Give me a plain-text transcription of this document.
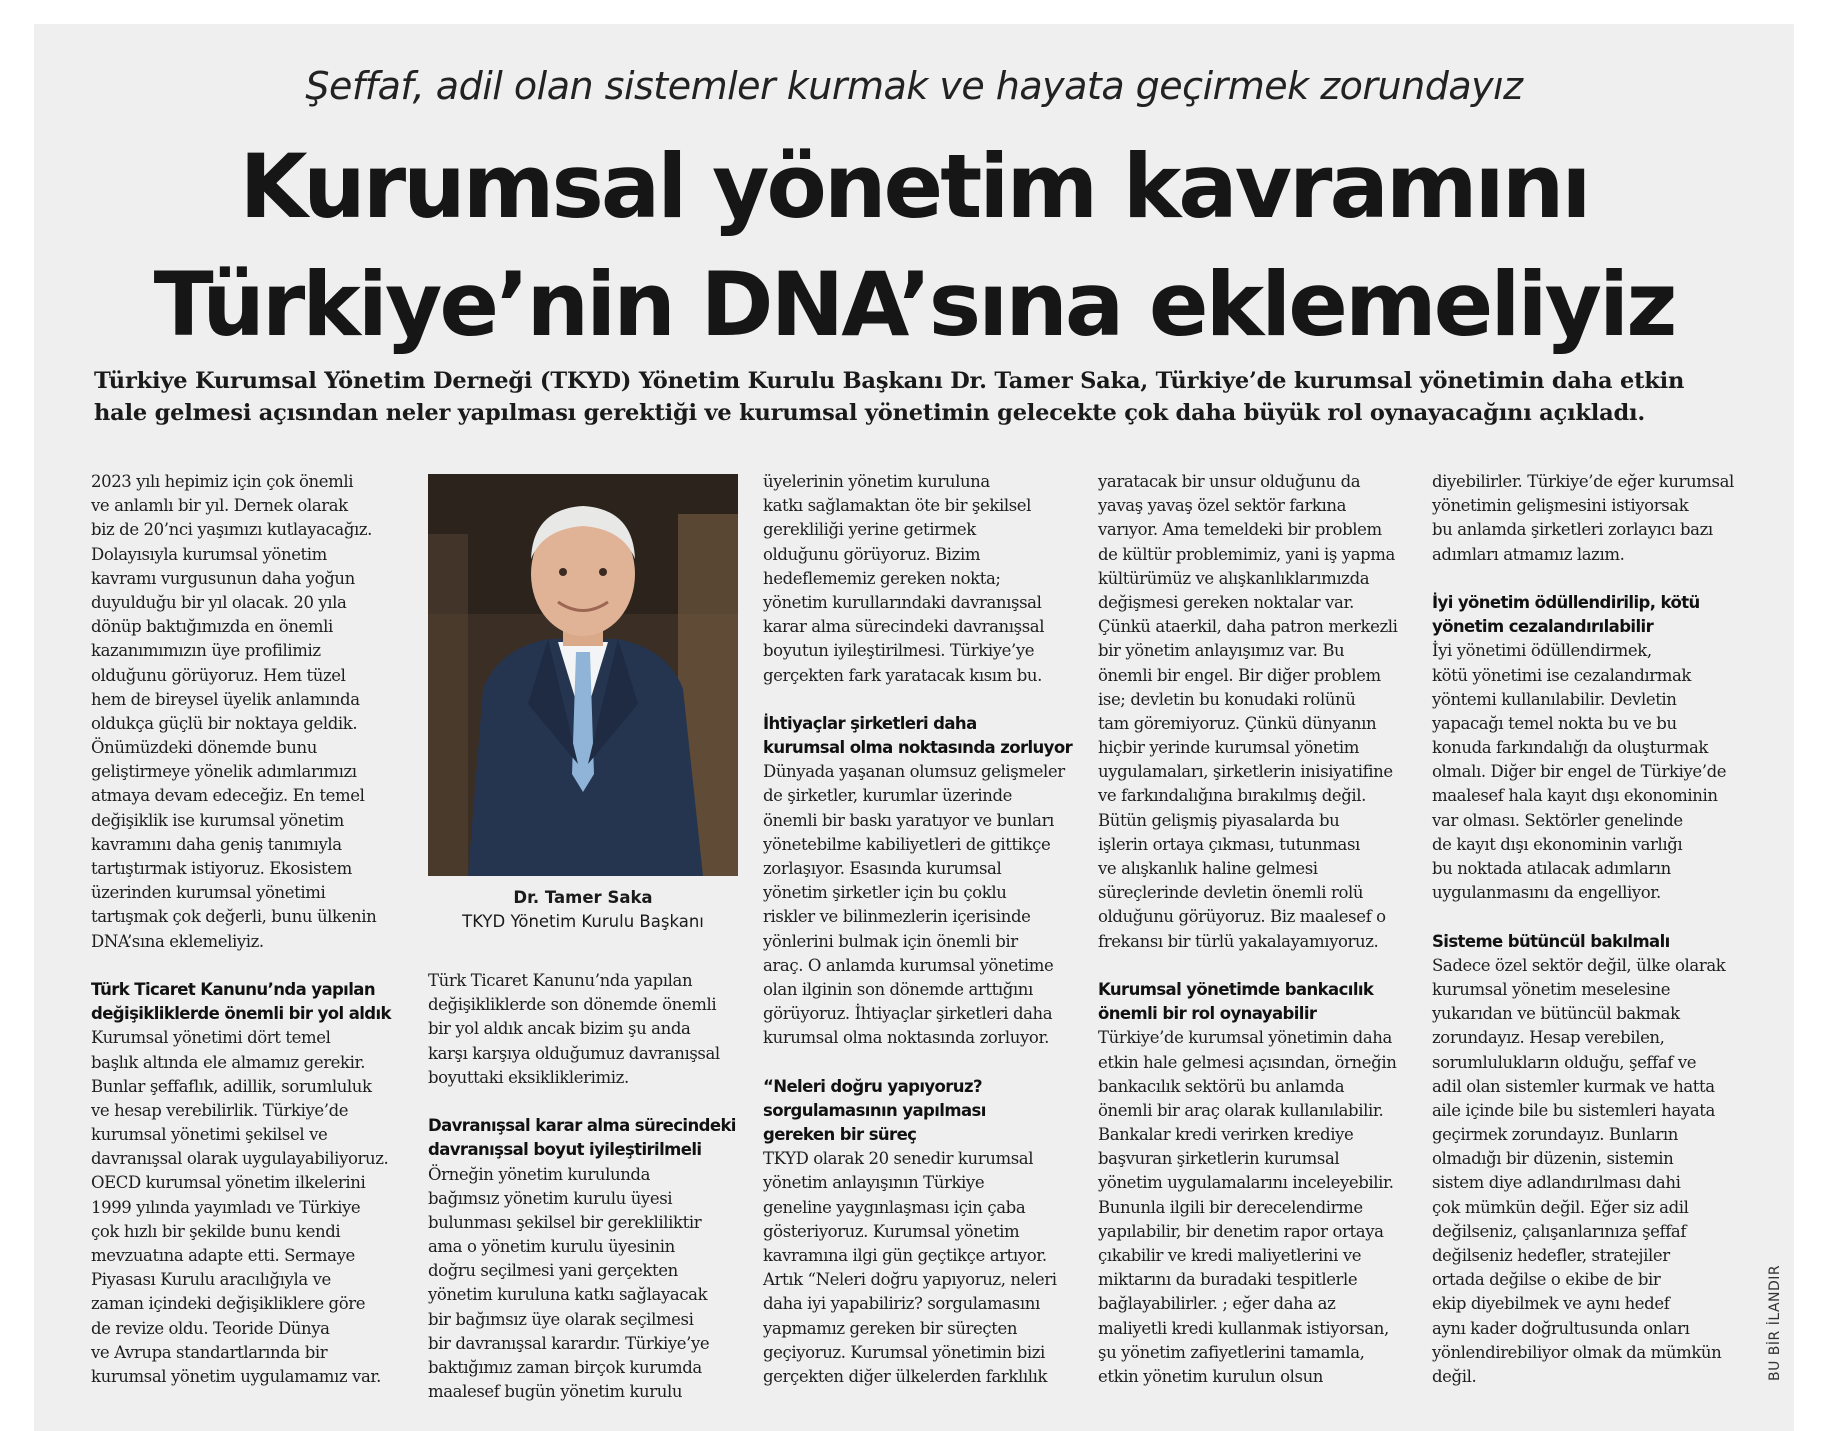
Şeffaf, adil olan sistemler kurmak ve hayata geçirmek zorundayız
Kurumsal yönetim kavramını
Türkiye’nin DNA’sına eklemeliyiz
Türkiye Kurumsal Yönetim Derneği (TKYD) Yönetim Kurulu Başkanı Dr. Tamer Saka, Türkiye’de kurumsal yönetimin daha etkin
hale gelmesi açısından neler yapılması gerektiği ve kurumsal yönetimin gelecekte çok daha büyük rol oynayacağını açıkladı.
2023 yılı hepimiz için çok önemli
ve anlamlı bir yıl. Dernek olarak
biz de 20’nci yaşımızı kutlayacağız.
Dolayısıyla kurumsal yönetim
kavramı vurgusunun daha yoğun
duyulduğu bir yıl olacak. 20 yıla
dönüp baktığımızda en önemli
kazanımımızın üye profilimiz
olduğunu görüyoruz. Hem tüzel
hem de bireysel üyelik anlamında
oldukça güçlü bir noktaya geldik.
Önümüzdeki dönemde bunu
geliştirmeye yönelik adımlarımızı
atmaya devam edeceğiz. En temel
değişiklik ise kurumsal yönetim
kavramını daha geniş tanımıyla
tartıştırmak istiyoruz. Ekosistem
üzerinden kurumsal yönetimi
tartışmak çok değerli, bunu ülkenin
DNA’sına eklemeliyiz.
Türk Ticaret Kanunu’nda yapılan
değişikliklerde önemli bir yol aldık
Kurumsal yönetimi dört temel
başlık altında ele almamız gerekir.
Bunlar şeffaflık, adillik, sorumluluk
ve hesap verebilirlik. Türkiye’de
kurumsal yönetimi şekilsel ve
davranışsal olarak uygulayabiliyoruz.
OECD kurumsal yönetim ilkelerini
1999 yılında yayımladı ve Türkiye
çok hızlı bir şekilde bunu kendi
mevzuatına adapte etti. Sermaye
Piyasası Kurulu aracılığıyla ve
zaman içindeki değişikliklere göre
de revize oldu. Teoride Dünya
ve Avrupa standartlarında bir
kurumsal yönetim uygulamamız var.
Türk Ticaret Kanunu’nda yapılan
değişikliklerde son dönemde önemli
bir yol aldık ancak bizim şu anda
karşı karşıya olduğumuz davranışsal
boyuttaki eksikliklerimiz.
Davranışsal karar alma sürecindeki
davranışsal boyut iyileştirilmeli
Örneğin yönetim kurulunda
bağımsız yönetim kurulu üyesi
bulunması şekilsel bir gerekliliktir
ama o yönetim kurulu üyesinin
doğru seçilmesi yani gerçekten
yönetim kuruluna katkı sağlayacak
bir bağımsız üye olarak seçilmesi
bir davranışsal karardır. Türkiye’ye
baktığımız zaman birçok kurumda
maalesef bugün yönetim kurulu
üyelerinin yönetim kuruluna
katkı sağlamaktan öte bir şekilsel
gerekliliği yerine getirmek
olduğunu görüyoruz. Bizim
hedeflememiz gereken nokta;
yönetim kurullarındaki davranışsal
karar alma sürecindeki davranışsal
boyutun iyileştirilmesi. Türkiye’ye
gerçekten fark yaratacak kısım bu.
İhtiyaçlar şirketleri daha
kurumsal olma noktasında zorluyor
Dünyada yaşanan olumsuz gelişmeler
de şirketler, kurumlar üzerinde
önemli bir baskı yaratıyor ve bunları
yönetebilme kabiliyetleri de gittikçe
zorlaşıyor. Esasında kurumsal
yönetim şirketler için bu çoklu
riskler ve bilinmezlerin içerisinde
yönlerini bulmak için önemli bir
araç. O anlamda kurumsal yönetime
olan ilginin son dönemde arttığını
görüyoruz. İhtiyaçlar şirketleri daha
kurumsal olma noktasında zorluyor.
“Neleri doğru yapıyoruz?
sorgulamasının yapılması
gereken bir süreç
TKYD olarak 20 senedir kurumsal
yönetim anlayışının Türkiye
geneline yaygınlaşması için çaba
gösteriyoruz. Kurumsal yönetim
kavramına ilgi gün geçtikçe artıyor.
Artık “Neleri doğru yapıyoruz, neleri
daha iyi yapabiliriz? sorgulamasını
yapmamız gereken bir süreçten
geçiyoruz. Kurumsal yönetimin bizi
gerçekten diğer ülkelerden farklılık
yaratacak bir unsur olduğunu da
yavaş yavaş özel sektör farkına
varıyor. Ama temeldeki bir problem
de kültür problemimiz, yani iş yapma
kültürümüz ve alışkanlıklarımızda
değişmesi gereken noktalar var.
Çünkü ataerkil, daha patron merkezli
bir yönetim anlayışımız var. Bu
önemli bir engel. Bir diğer problem
ise; devletin bu konudaki rolünü
tam göremiyoruz. Çünkü dünyanın
hiçbir yerinde kurumsal yönetim
uygulamaları, şirketlerin inisiyatifine
ve farkındalığına bırakılmış değil.
Bütün gelişmiş piyasalarda bu
işlerin ortaya çıkması, tutunması
ve alışkanlık haline gelmesi
süreçlerinde devletin önemli rolü
olduğunu görüyoruz. Biz maalesef o
frekansı bir türlü yakalayamıyoruz.
Kurumsal yönetimde bankacılık
önemli bir rol oynayabilir
Türkiye’de kurumsal yönetimin daha
etkin hale gelmesi açısından, örneğin
bankacılık sektörü bu anlamda
önemli bir araç olarak kullanılabilir.
Bankalar kredi verirken krediye
başvuran şirketlerin kurumsal
yönetim uygulamalarını inceleyebilir.
Bununla ilgili bir derecelendirme
yapılabilir, bir denetim rapor ortaya
çıkabilir ve kredi maliyetlerini ve
miktarını da buradaki tespitlerle
bağlayabilirler. ; eğer daha az
maliyetli kredi kullanmak istiyorsan,
şu yönetim zafiyetlerini tamamla,
etkin yönetim kurulun olsun
diyebilirler. Türkiye’de eğer kurumsal
yönetimin gelişmesini istiyorsak
bu anlamda şirketleri zorlayıcı bazı
adımları atmamız lazım.
İyi yönetim ödüllendirilip, kötü
yönetim cezalandırılabilir
İyi yönetimi ödüllendirmek,
kötü yönetimi ise cezalandırmak
yöntemi kullanılabilir. Devletin
yapacağı temel nokta bu ve bu
konuda farkındalığı da oluşturmak
olmalı. Diğer bir engel de Türkiye’de
maalesef hala kayıt dışı ekonominin
var olması. Sektörler genelinde
de kayıt dışı ekonominin varlığı
bu noktada atılacak adımların
uygulanmasını da engelliyor.
Sisteme bütüncül bakılmalı
Sadece özel sektör değil, ülke olarak
kurumsal yönetim meselesine
yukarıdan ve bütüncül bakmak
zorundayız. Hesap verebilen,
sorumlulukların olduğu, şeffaf ve
adil olan sistemler kurmak ve hatta
aile içinde bile bu sistemleri hayata
geçirmek zorundayız. Bunların
olmadığı bir düzenin, sistemin
sistem diye adlandırılması dahi
çok mümkün değil. Eğer siz adil
değilseniz, çalışanlarınıza şeffaf
değilseniz hedefler, stratejiler
ortada değilse o ekibe de bir
ekip diyebilmek ve aynı hedef
aynı kader doğrultusunda onları
yönlendirebiliyor olmak da mümkün
değil.
Dr. Tamer Saka
TKYD Yönetim Kurulu Başkanı
BU BİR İLANDIR
